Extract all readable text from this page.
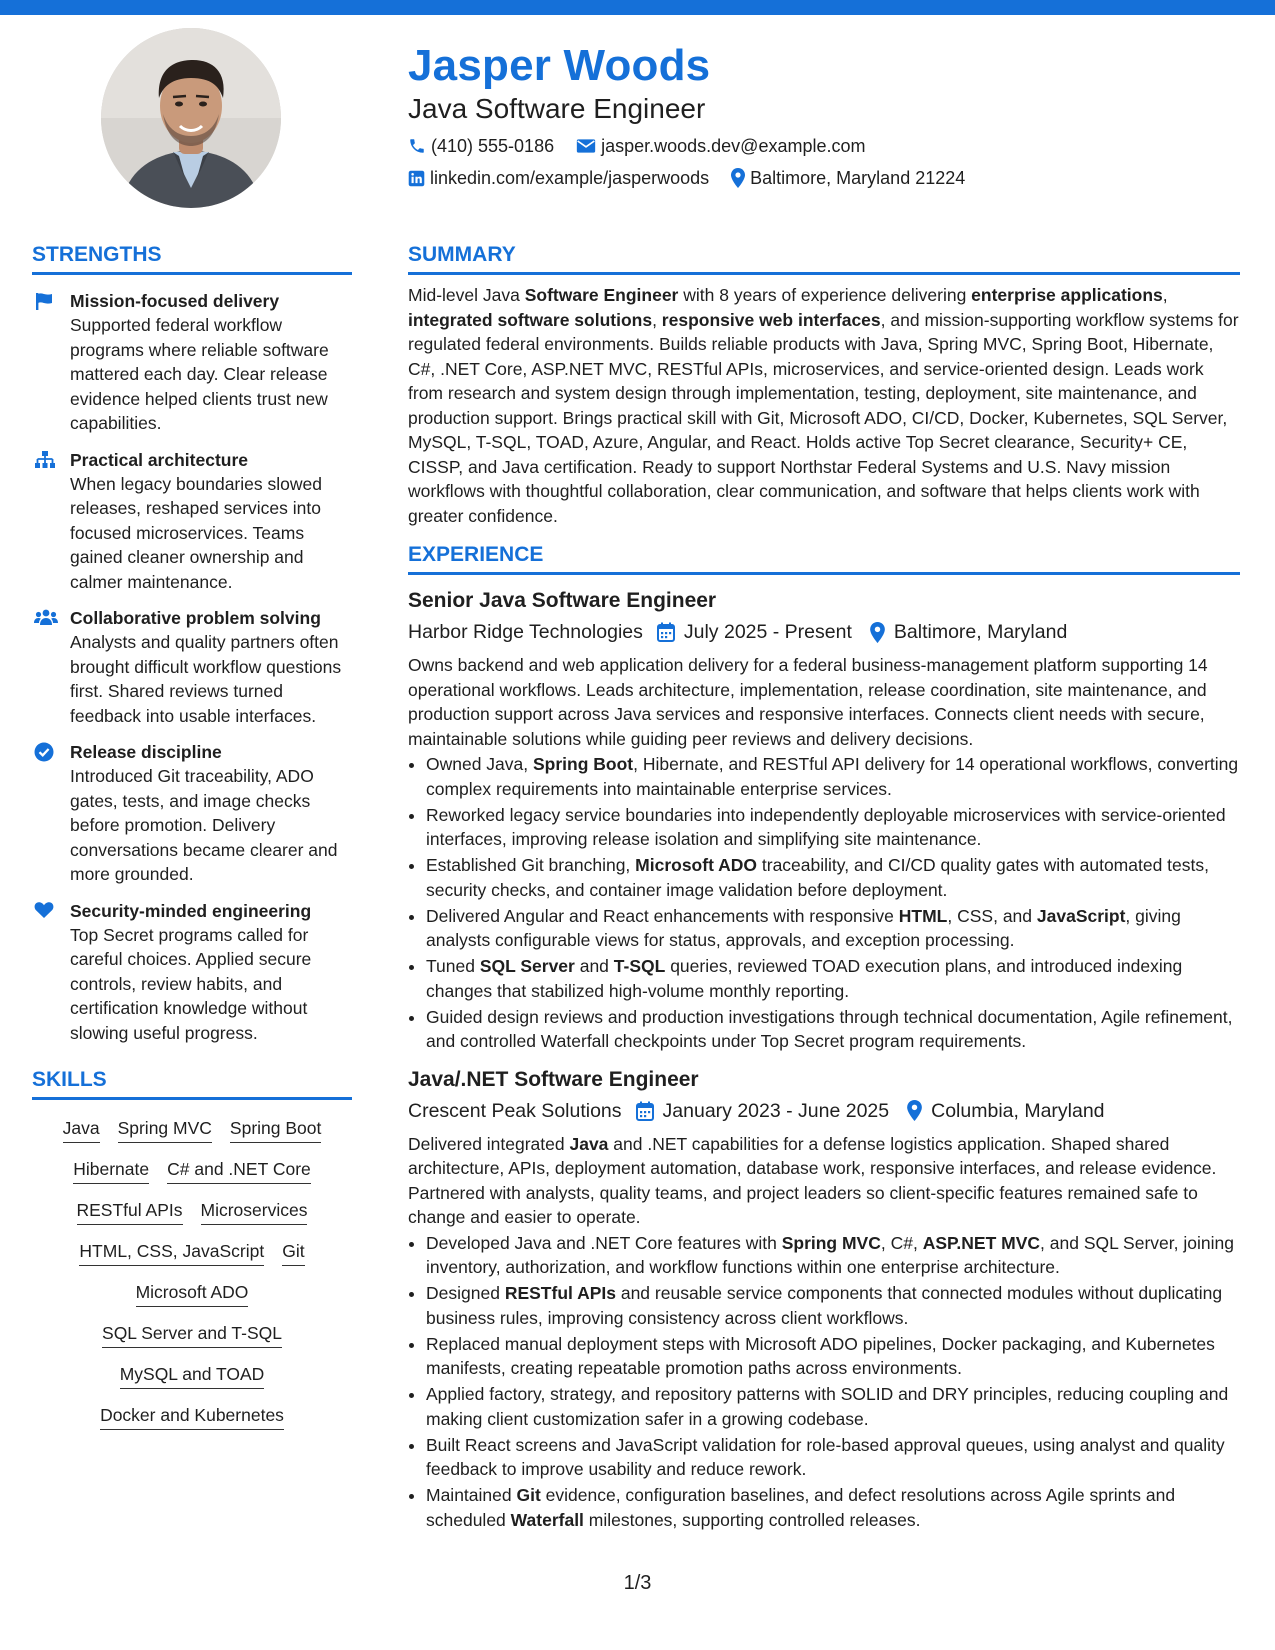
Jasper Woods
Java Software Engineer
(410) 555-0186	jasper.woods.dev@example.com
linkedin.com/example/jasperwoods Baltimore, Maryland 21224
STRENGTHS
Mission-focused delivery
Supported federal workflow programs where reliable software mattered each day. Clear release evidence helped clients trust new capabilities.
Practical architecture
When legacy boundaries slowed releases, reshaped services into focused microservices. Teams gained cleaner ownership and calmer maintenance.
Collaborative problem solving
Analysts and quality partners often brought difficult workflow questions first. Shared reviews turned feedback into usable interfaces.
Release discipline
Introduced Git traceability, ADO gates, tests, and image checks before promotion. Delivery conversations became clearer and more grounded.
Security-minded engineering
Top Secret programs called for careful choices. Applied secure controls, review habits, and certification knowledge without slowing useful progress.
SKILLS
Java Spring MVC Spring Boot
Hibernate C# and .NET Core
RESTful APIs Microservices
HTML, CSS, JavaScript Git
Microsoft ADO
SQL Server and T-SQL
MySQL and TOAD
Docker and Kubernetes
SUMMARY
Mid-level Java Software Engineer with 8 years of experience delivering enterprise applications, integrated software solutions, responsive web interfaces, and mission-supporting workflow systems for regulated federal environments. Builds reliable products with Java, Spring MVC, Spring Boot, Hibernate, C#, .NET Core, ASP.NET MVC, RESTful APIs, microservices, and service-oriented design. Leads work from research and system design through implementation, testing, deployment, site maintenance, and production support. Brings practical skill with Git, Microsoft ADO, CI/CD, Docker, Kubernetes, SQL Server, MySQL, T-SQL, TOAD, Azure, Angular, and React. Holds active Top Secret clearance, Security+ CE, CISSP, and Java certification. Ready to support Northstar Federal Systems and U.S. Navy mission workflows with thoughtful collaboration, clear communication, and software that helps clients work with greater confidence.
EXPERIENCE
Senior Java Software Engineer
Harbor Ridge Technologies July 2025 - Present Baltimore, Maryland
Owns backend and web application delivery for a federal business-management platform supporting 14 operational workflows. Leads architecture, implementation, release coordination, site maintenance, and production support across Java services and responsive interfaces. Connects client needs with secure, maintainable solutions while guiding peer reviews and delivery decisions.
• Owned Java, Spring Boot, Hibernate, and RESTful API delivery for 14 operational workflows, converting complex requirements into maintainable enterprise services.
• Reworked legacy service boundaries into independently deployable microservices with service-oriented interfaces, improving release isolation and simplifying site maintenance.
• Established Git branching, Microsoft ADO traceability, and CI/CD quality gates with automated tests, security checks, and container image validation before deployment.
• Delivered Angular and React enhancements with responsive HTML, CSS, and JavaScript, giving analysts configurable views for status, approvals, and exception processing.
• Tuned SQL Server and T-SQL queries, reviewed TOAD execution plans, and introduced indexing changes that stabilized high-volume monthly reporting.
• Guided design reviews and production investigations through technical documentation, Agile refinement, and controlled Waterfall checkpoints under Top Secret program requirements.
Java/.NET Software Engineer
Crescent Peak Solutions January 2023 - June 2025 Columbia, Maryland
Delivered integrated Java and .NET capabilities for a defense logistics application. Shaped shared architecture, APIs, deployment automation, database work, responsive interfaces, and release evidence. Partnered with analysts, quality teams, and project leaders so client-specific features remained safe to change and easier to operate.
• Developed Java and .NET Core features with Spring MVC, C#, ASP.NET MVC, and SQL Server, joining inventory, authorization, and workflow functions within one enterprise architecture.
• Designed RESTful APIs and reusable service components that connected modules without duplicating business rules, improving consistency across client workflows.
• Replaced manual deployment steps with Microsoft ADO pipelines, Docker packaging, and Kubernetes manifests, creating repeatable promotion paths across environments.
• Applied factory, strategy, and repository patterns with SOLID and DRY principles, reducing coupling and making client customization safer in a growing codebase.
• Built React screens and JavaScript validation for role-based approval queues, using analyst and quality feedback to improve usability and reduce rework.
• Maintained Git evidence, configuration baselines, and defect resolutions across Agile sprints and scheduled Waterfall milestones, supporting controlled releases.
1/3
